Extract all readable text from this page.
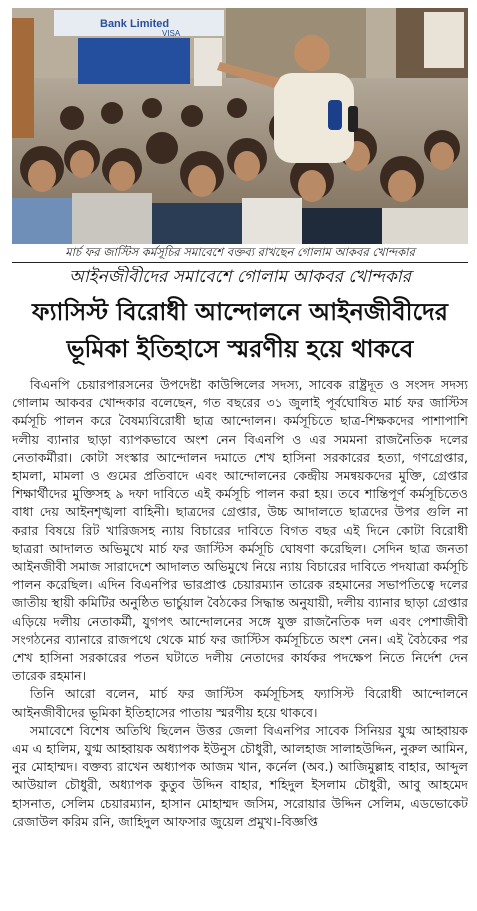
Bank Limited
VISA
মার্চ ফর জাস্টিস কর্মসূচির সমাবেশে বক্তব্য রাখছেন গোলাম আকবর খোন্দকার
আইনজীবীদের সমাবেশে গোলাম আকবর খোন্দকার
ফ্যাসিস্ট বিরোধী আন্দোলনে আইনজীবীদের
ভূমিকা ইতিহাসে স্মরণীয় হয়ে থাকবে

বিএনপি চেয়ারপারসনের উপদেষ্টা কাউন্সিলের সদস্য, সাবেক রাষ্ট্রদূত ও সংসদ সদস্য গোলাম আকবর খোন্দকার বলেছেন, গত বছরের ৩১ জুলাই পূর্বঘোষিত মার্চ ফর জাস্টিস কর্মসূচি পালন করে বৈষম্যবিরোধী ছাত্র আন্দোলন। কর্মসূচিতে ছাত্র-শিক্ষকদের পাশাপাশি দলীয় ব্যানার ছাড়া ব্যাপকভাবে অংশ নেন বিএনপি ও এর সমমনা রাজনৈতিক দলের নেতাকর্মীরা। কোটা সংস্কার আন্দোলন দমাতে শেখ হাসিনা সরকারের হত্যা, গণগ্রেপ্তার, হামলা, মামলা ও গুমের প্রতিবাদে এবং আন্দোলনের কেন্দ্রীয় সমন্বয়কদের মুক্তি, গ্রেপ্তার শিক্ষার্থীদের মুক্তিসহ ৯ দফা দাবিতে এই কর্মসূচি পালন করা হয়। তবে শান্তিপূর্ণ কর্মসূচিতেও বাধা দেয় আইনশৃঙ্খলা বাহিনী। ছাত্রদের গ্রেপ্তার, উচ্চ আদালতে ছাত্রদের উপর গুলি না করার বিষয়ে রিট খারিজসহ ন্যায় বিচারের দাবিতে বিগত বছর এই দিনে কোটা বিরোধী ছাত্ররা আদালত অভিমুখে মার্চ ফর জাস্টিস কর্মসূচি ঘোষণা করেছিল। সেদিন ছাত্র জনতা আইনজীবী সমাজ সারাদেশে আদালত অভিমুখে নিয়ে ন্যায় বিচারের দাবিতে পদযাত্রা কর্মসূচি পালন করেছিল। এদিন বিএনপির ভারপ্রাপ্ত চেয়ারম্যান তারেক রহমানের সভাপতিত্বে দলের জাতীয় স্থায়ী কমিটির অনুষ্ঠিত ভার্চুয়াল বৈঠকের সিদ্ধান্ত অনুযায়ী, দলীয় ব্যানার ছাড়া গ্রেপ্তার এড়িয়ে দলীয় নেতাকর্মী, যুগপৎ আন্দোলনের সঙ্গে যুক্ত রাজনৈতিক দল এবং পেশাজীবী সংগঠনের ব্যানারে রাজপথে থেকে মার্চ ফর জাস্টিস কর্মসূচিতে অংশ নেন। এই বৈঠকের পর শেখ হাসিনা সরকারের পতন ঘটাতে দলীয় নেতাদের কার্যকর পদক্ষেপ নিতে নির্দেশ দেন তারেক রহমান।

তিনি আরো বলেন, মার্চ ফর জাস্টিস কর্মসূচিসহ ফ্যাসিস্ট বিরোধী আন্দোলনে আইনজীবীদের ভূমিকা ইতিহাসের পাতায় স্মরণীয় হয়ে থাকবে।

সমাবেশে বিশেষ অতিথি ছিলেন উত্তর জেলা বিএনপির সাবেক সিনিয়র যুগ্ম আহ্বায়ক এম এ হালিম, যুগ্ম আহ্বায়ক অধ্যাপক ইউনুস চৌধুরী, আলহাজ সালাহউদ্দিন, নুরুল আমিন, নুর মোহাম্মদ। বক্তব্য রাখেন অধ্যাপক আজম খান, কর্নেল (অব.) আজিমুল্লাহ বাহার, আব্দুল আউয়াল চৌধুরী, অধ্যাপক কুতুব উদ্দিন বাহার, শহিদুল ইসলাম চৌধুরী, আবু আহমেদ হাসনাত, সেলিম চেয়ারম্যান, হাসান মোহাম্মদ জসিম, সরোয়ার উদ্দিন সেলিম, এডভোকেট রেজাউল করিম রনি, জাহিদুল আফসার জুয়েল প্রমুখ।-বিজ্ঞপ্তি
